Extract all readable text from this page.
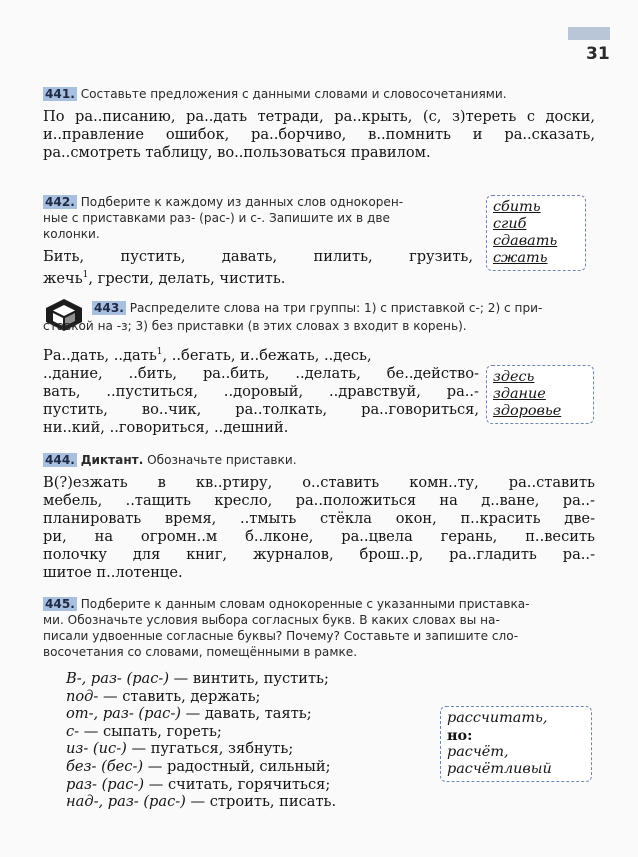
31
441. Составьте предложения с данными словами и словосочетаниями.

По ра..писанию, ра..дать тетради, ра..крыть, (с, з)тереть с доски, и..правление ошибок, ра..борчиво, в..помнить и ра..сказать, ра..смотреть таблицу, во..пользоваться правилом.

442. Подберите к каждому из данных слов однокорен-
ные с приставками раз- (рас-) и с-. Запишите их в две
колонки.

Бить, пустить, давать, пилить, грузить,

жечь$^1$, грести, делать, чистить.

сбить
сгиб
сдавать
сжать
443. Распределите слова на три группы: 1) с приставкой с-; 2) с при-
ставкой на -з; 3) без приставки (в этих словах з входит в корень).

Ра..дать, ..дать$^1$, ..бегать, и..бежать, ..десь,

..дание, ..бить, ра..бить, ..делать, бе..действо-

вать, ..пуститься, ..доровый, ..дравствуй, ра..-

пустить, во..чик, ра..толкать, ра..говориться,

ни..кий, ..говориться, ..дешний.

здесь
здание
здоровье
444. Диктант. Обозначьте приставки.

В(?)езжать в кв..ртиру, о..ставить комн..ту, ра..ставить

мебель, ..тащить кресло, ра..положиться на д..ване, ра..-

планировать время, ..тмыть стёкла окон, п..красить две-

ри, на огромн..м б..лконе, ра..цвела герань, п..весить

полочку для книг, журналов, брош..р, ра..гладить ра..-

шитое п..лотенце.

445. Подберите к данным словам однокоренные с указанными приставка-
ми. Обозначьте условия выбора согласных букв. В каких словах вы на-
писали удвоенные согласные буквы? Почему? Составьте и запишите сло-
восочетания со словами, помещёнными в рамке.
В-, раз- (рас-) — винтить, пустить;
под- — ставить, держать;
от-, раз- (рас-) — давать, таять;
с- — сыпать, гореть;
из- (ис-) — пугаться, зябнуть;
без- (бес-) — радостный, сильный;
раз- (рас-) — считать, горячиться;
над-, раз- (рас-) — строить, писать.
рассчитать,
но:
расчёт,
расчётливый
